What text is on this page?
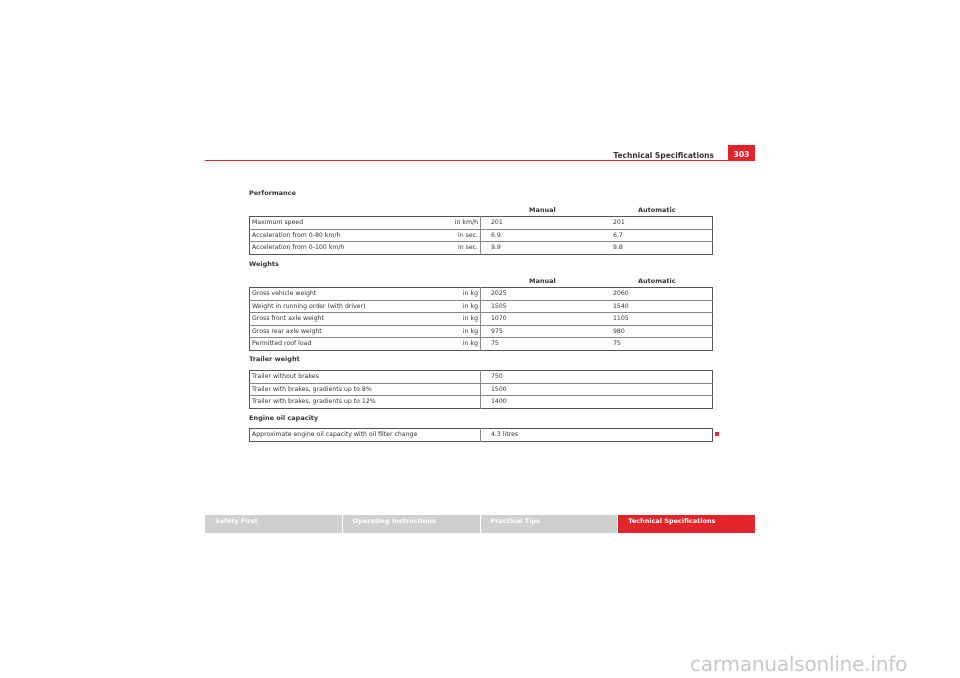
Technical Specifications	303
Performance
Manual	Automatic
Maximum speed in km/h	201	201
Acceleration from 0-80 km/h in sec.	6.9	6.7
Acceleration from 0-100 km/h in sec.	9.9	9.8
Weights
Manual	Automatic
Gross vehicle weight in kg	2025	2060
Weight in running order (with driver) in kg	1505	1540
Gross front axle weight in kg	1070	1105
Gross rear axle weight in kg	975	980
Permitted roof load in kg	75	75
Trailer weight
Trailer without brakes	750
Trailer with brakes, gradients up to 8%	1500
Trailer with brakes, gradients up to 12%	1400
Engine oil capacity
Approximate engine oil capacity with oil filter change	4.3 litres
Safety First	Operating Instructions	Practical Tips	Technical Specifications
carmanualsonline.info
